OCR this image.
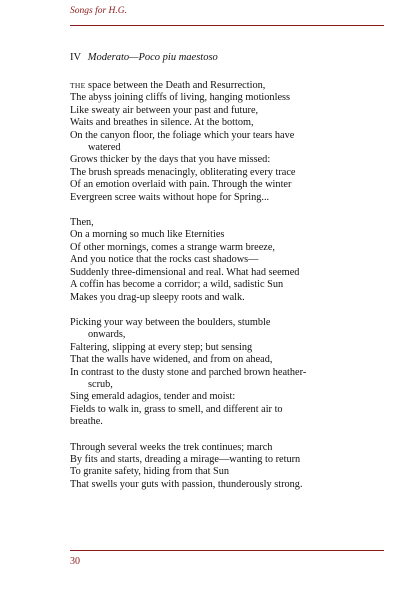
Songs for H.G.
IV Moderato—Poco piu maestoso
THE space between the Death and Resurrection,
The abyss joining cliffs of living, hanging motionless
Like sweaty air between your past and future,
Waits and breathes in silence. At the bottom,
On the canyon floor, the foliage which your tears have
watered
Grows thicker by the days that you have missed:
The brush spreads menacingly, obliterating every trace
Of an emotion overlaid with pain. Through the winter
Evergreen scree waits without hope for Spring...
Then,
On a morning so much like Eternities
Of other mornings, comes a strange warm breeze,
And you notice that the rocks cast shadows—
Suddenly three-dimensional and real. What had seemed
A coffin has become a corridor; a wild, sadistic Sun
Makes you drag-up sleepy roots and walk.
Picking your way between the boulders, stumble
onwards,
Faltering, slipping at every step; but sensing
That the walls have widened, and from on ahead,
In contrast to the dusty stone and parched brown heather-
scrub,
Sing emerald adagios, tender and moist:
Fields to walk in, grass to smell, and different air to
breathe.
Through several weeks the trek continues; march
By fits and starts, dreading a mirage—wanting to return
To granite safety, hiding from that Sun
That swells your guts with passion, thunderously strong.
30
